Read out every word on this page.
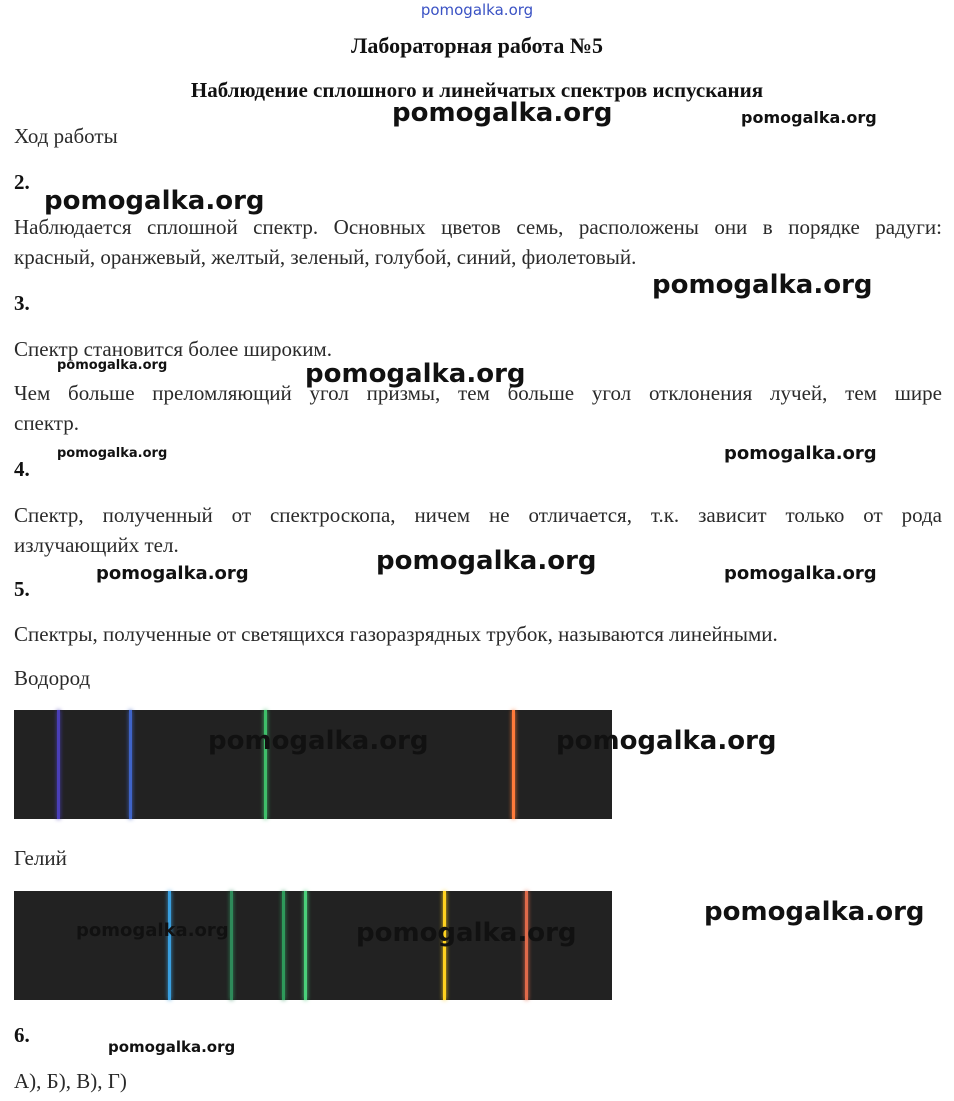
pomogalka.org
Лабораторная работа №5
Наблюдение сплошного и линейчатых спектров испускания
Ход работы
2.
Наблюдается сплошной спектр. Основных цветов семь, расположены они в порядке радуги:
красный, оранжевый, желтый, зеленый, голубой, синий, фиолетовый.
3.
Спектр становится более широким.
Чем больше преломляющий угол призмы, тем больше угол отклонения лучей, тем шире
спектр.
4.
Спектр, полученный от спектроскопа, ничем не отличается, т.к. зависит только от рода
излучающийх тел.
5.
Спектры, полученные от светящихся газоразрядных трубок, называются линейными.
Водород
Гелий
6.
А), Б), В), Г)
pomogalka.org	pomogalka.org
pomogalka.org
pomogalka.org
pomogalka.org	pomogalka.org
pomogalka.org	pomogalka.org
pomogalka.org
pomogalka.org	pomogalka.org
pomogalka.org	pomogalka.org
pomogalka.org
pomogalka.org	pomogalka.org
pomogalka.org
